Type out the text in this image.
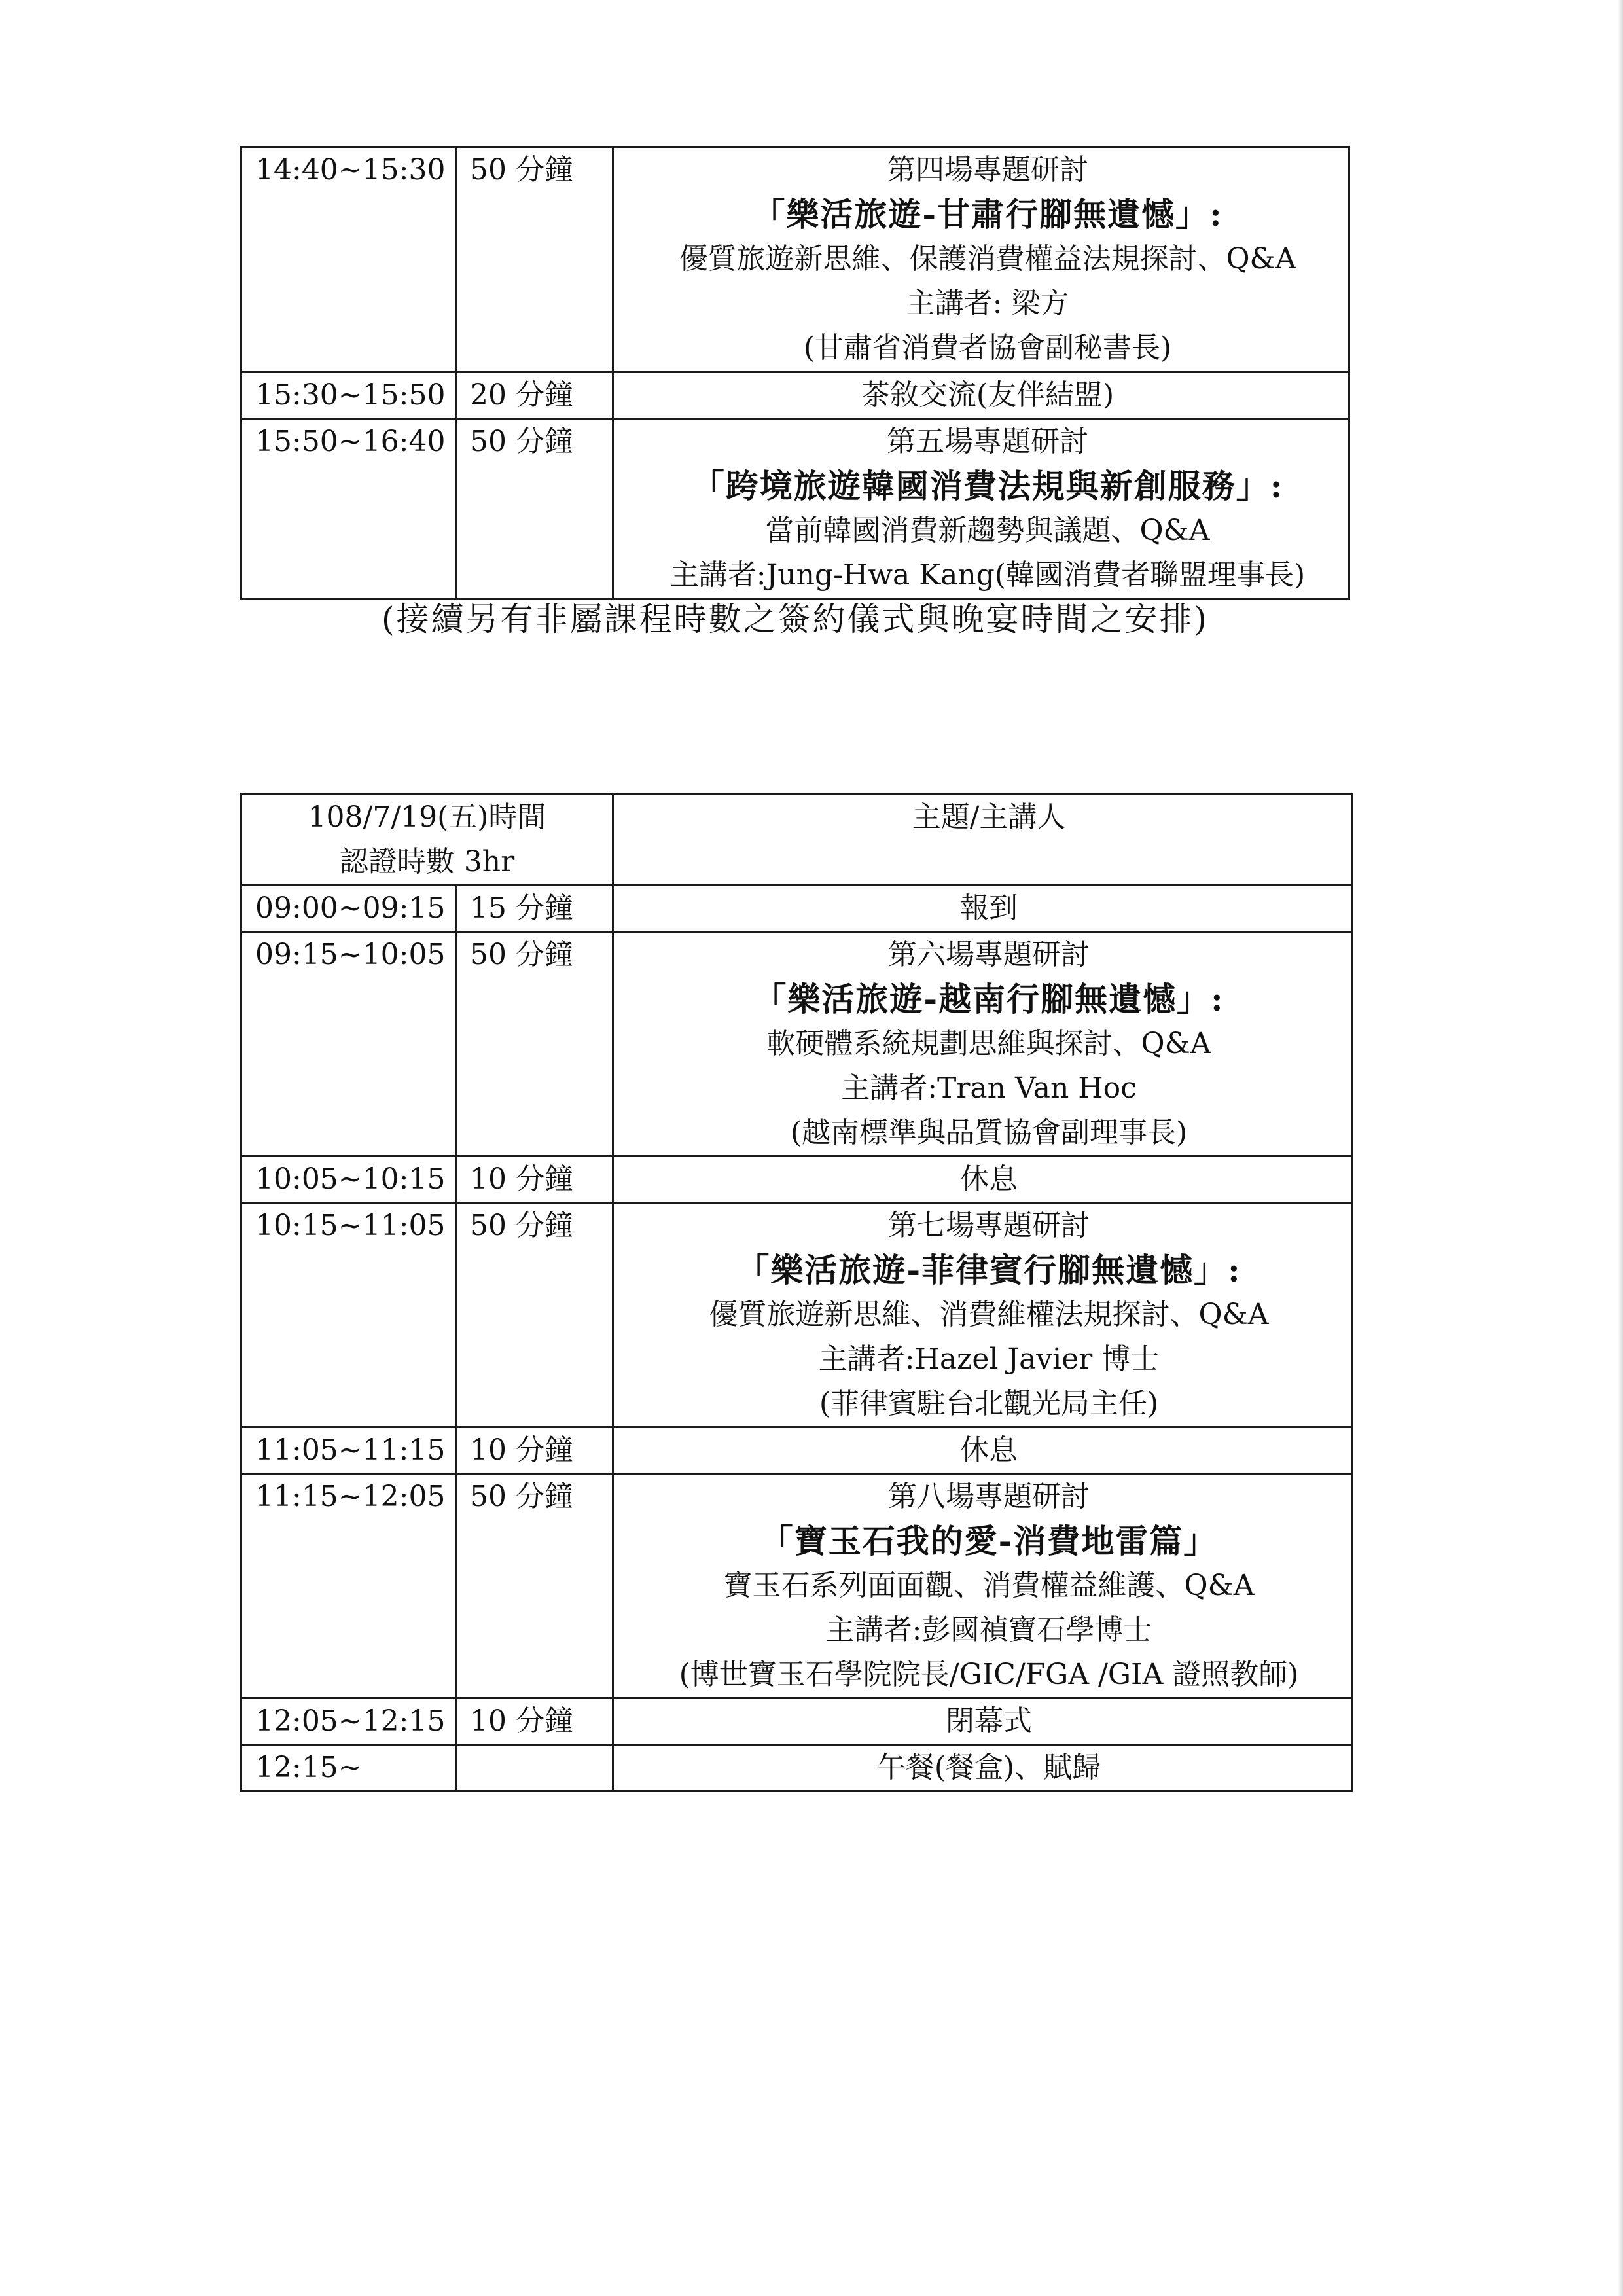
14:40~15:30	50 分鐘	第四場專題研討
「樂活旅遊-甘肅行腳無遺憾」:
優質旅遊新思維、保護消費權益法規探討、Q&A
主講者: 梁方
(甘肅省消費者協會副秘書長)

15:30~15:50	20 分鐘	茶敘交流(友伴結盟)
15:50~16:40	50 分鐘	第五場專題研討
「跨境旅遊韓國消費法規與新創服務」:
當前韓國消費新趨勢與議題、Q&A
主講者:Jung-Hwa Kang(韓國消費者聯盟理事長)
(接續另有非屬課程時數之簽約儀式與晚宴時間之安排)
108/7/19(五)時間
認證時數 3hr		主題/主講人
09:00~09:15	15 分鐘	報到
09:15~10:05	50 分鐘	第六場專題研討
「樂活旅遊-越南行腳無遺憾」:
軟硬體系統規劃思維與探討、Q&A
主講者:Tran Van Hoc
(越南標準與品質協會副理事長)

10:05~10:15	10 分鐘	休息
10:15~11:05	50 分鐘	第七場專題研討
「樂活旅遊-菲律賓行腳無遺憾」:
優質旅遊新思維、消費維權法規探討、Q&A
主講者:Hazel Javier 博士
(菲律賓駐台北觀光局主任)

11:05~11:15	10 分鐘	休息
11:15~12:05	50 分鐘	第八場專題研討
「寶玉石我的愛-消費地雷篇」
寶玉石系列面面觀、消費權益維護、Q&A
主講者:彭國禎寶石學博士
(博世寶玉石學院院長/GIC/FGA /GIA 證照教師)

12:05~12:15	10 分鐘	閉幕式
12:15~		午餐(餐盒)、賦歸
